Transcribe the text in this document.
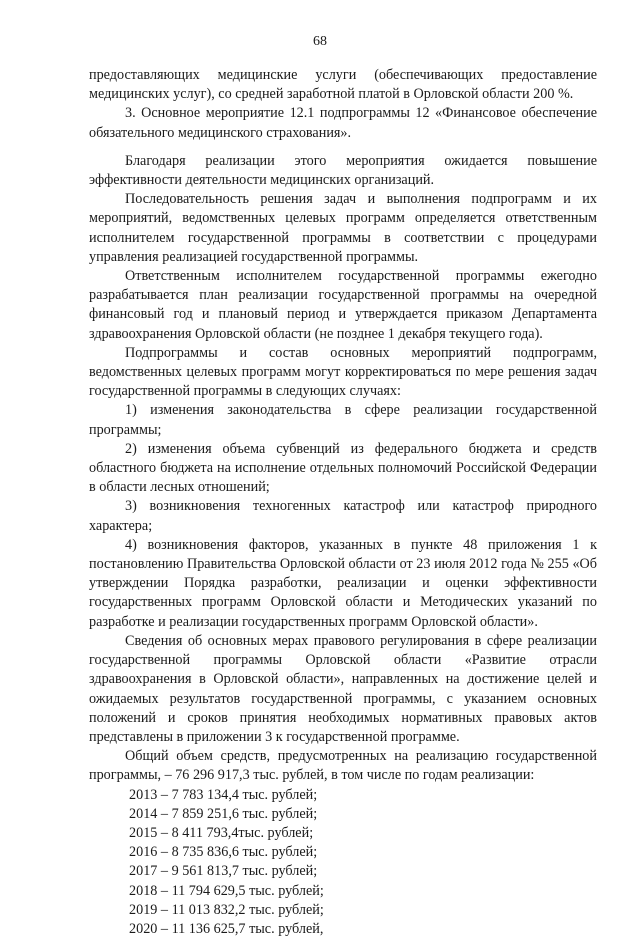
68

предоставляющих медицинские услуги (обеспечивающих предоставление медицинских услуг), со средней заработной платой в Орловской области 200 %.

3. Основное мероприятие 12.1 подпрограммы 12 «Финансовое обеспечение обязательного медицинского страхования».

Благодаря реализации этого мероприятия ожидается повышение эффективности деятельности медицинских организаций.

Последовательность решения задач и выполнения подпрограмм и их мероприятий, ведомственных целевых программ определяется ответственным исполнителем государственной программы в соответствии с процедурами управления реализацией государственной программы.

Ответственным исполнителем государственной программы ежегодно разрабатывается план реализации государственной программы на очередной финансовый год и плановый период и утверждается приказом Департамента здравоохранения Орловской области (не позднее 1 декабря текущего года).

Подпрограммы и состав основных мероприятий подпрограмм, ведомственных целевых программ могут корректироваться по мере решения задач государственной программы в следующих случаях:

1) изменения законодательства в сфере реализации государственной программы;

2) изменения объема субвенций из федерального бюджета и средств областного бюджета на исполнение отдельных полномочий Российской Федерации в области лесных отношений;

3) возникновения техногенных катастроф или катастроф природного характера;

4) возникновения факторов, указанных в пункте 48 приложения 1 к постановлению Правительства Орловской области от 23 июля 2012 года № 255 «Об утверждении Порядка разработки, реализации и оценки эффективности государственных программ Орловской области и Методических указаний по разработке и реализации государственных программ Орловской области».

Сведения об основных мерах правового регулирования в сфере реализации государственной программы Орловской области «Развитие отрасли здравоохранения в Орловской области», направленных на достижение целей и ожидаемых результатов государственной программы, с указанием основных положений и сроков принятия необходимых нормативных правовых актов представлены в приложении 3 к государственной программе.

Общий объем средств, предусмотренных на реализацию государственной программы, – 76 296 917,3 тыс. рублей, в том числе по годам реализации:

2013 – 7 783 134,4 тыс. рублей;

2014 – 7 859 251,6 тыс. рублей;

2015 – 8 411 793,4тыс. рублей;

2016 – 8 735 836,6 тыс. рублей;

2017 – 9 561 813,7 тыс. рублей;

2018 – 11 794 629,5 тыс. рублей;

2019 – 11 013 832,2 тыс. рублей;

2020 – 11 136 625,7 тыс. рублей,
